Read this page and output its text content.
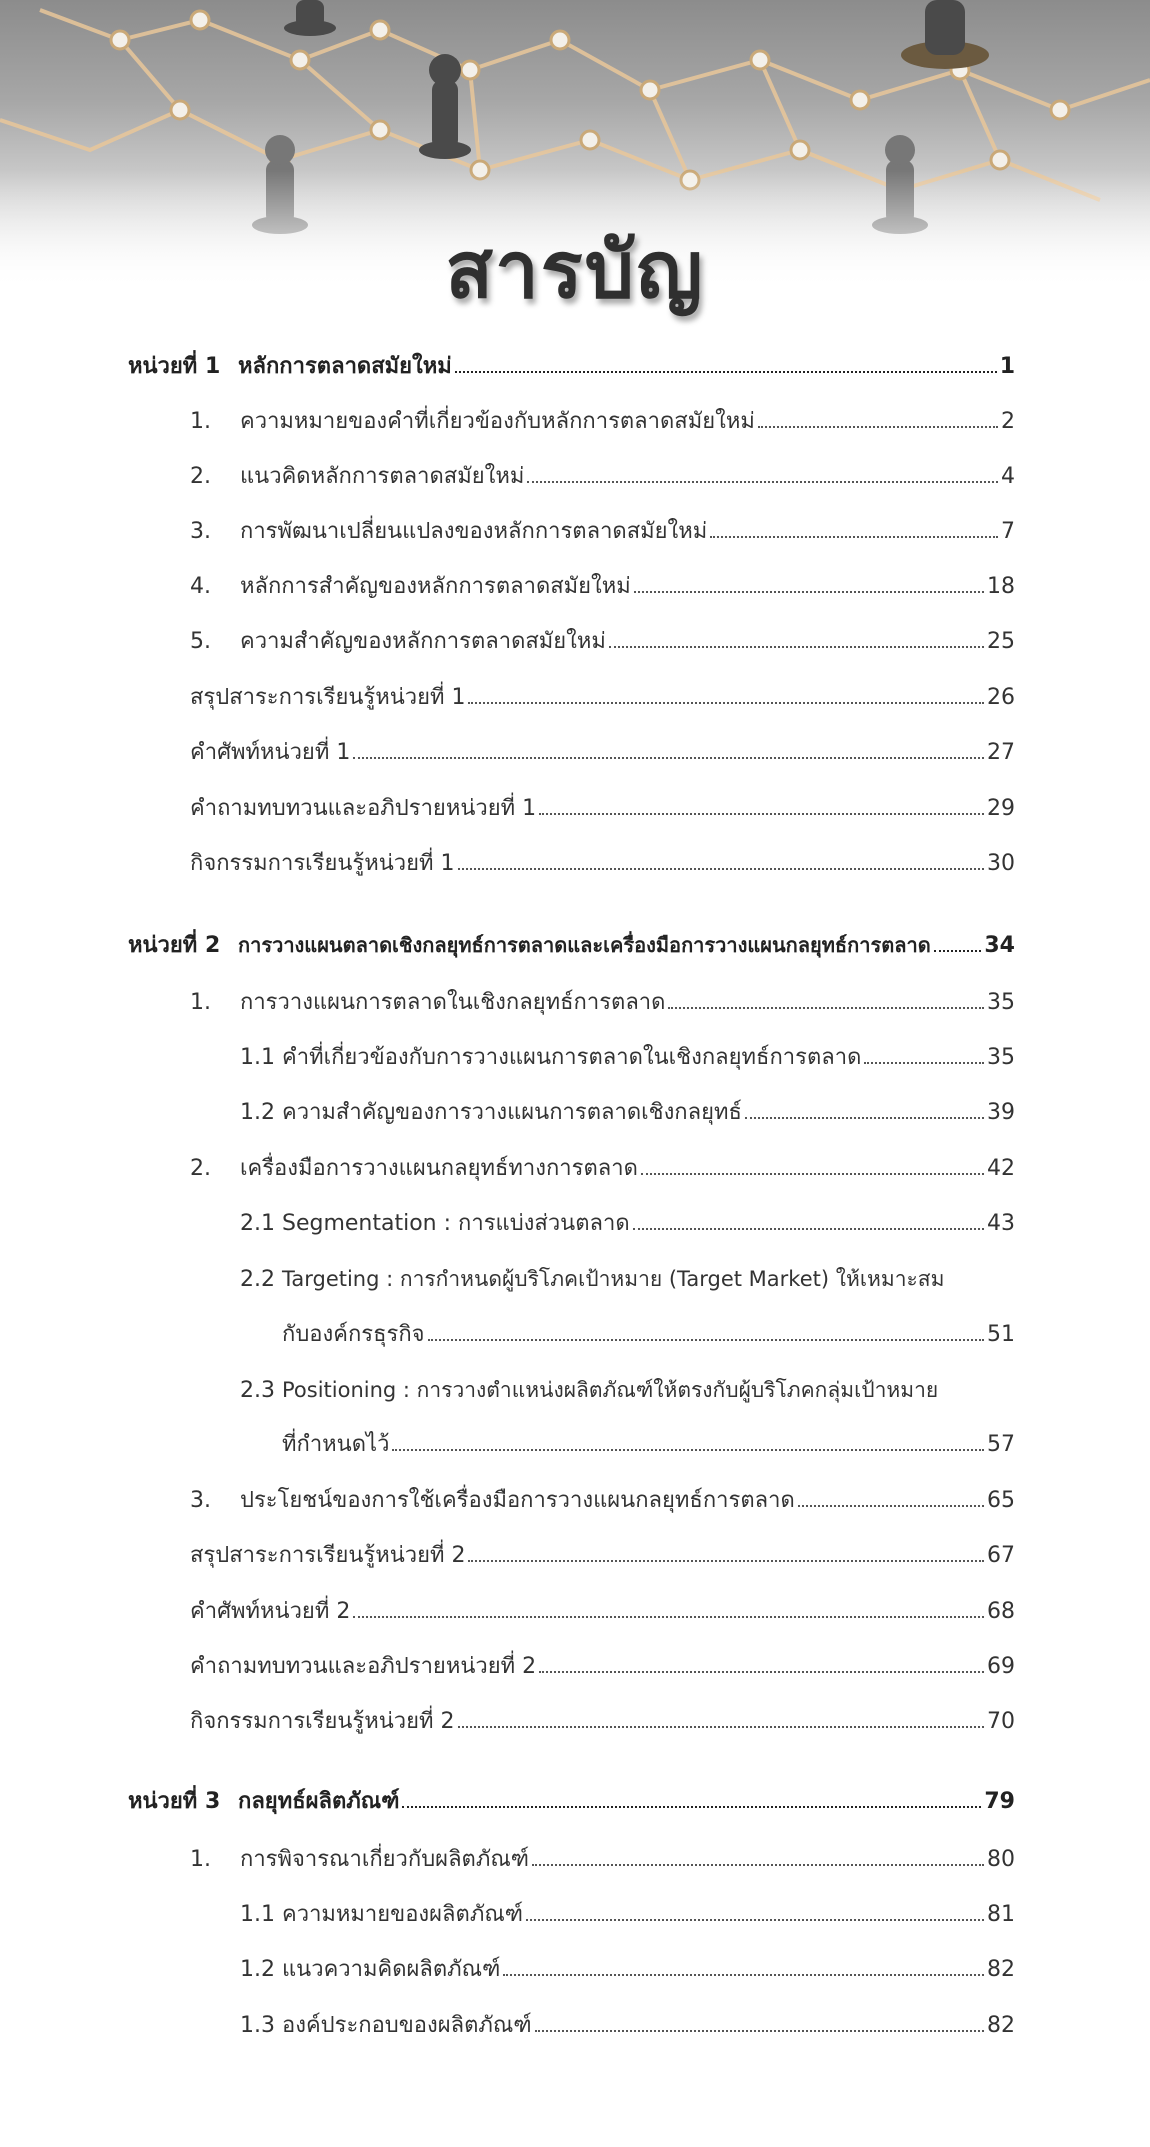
สารบัญ
หน่วยที่ 1 หลักการตลาดสมัยใหม่	1
1.	ความหมายของคำที่เกี่ยวข้องกับหลักการตลาดสมัยใหม่	2
2.	แนวคิดหลักการตลาดสมัยใหม่	4
3.	การพัฒนาเปลี่ยนแปลงของหลักการตลาดสมัยใหม่	7
4.	หลักการสำคัญของหลักการตลาดสมัยใหม่	18
5.	ความสำคัญของหลักการตลาดสมัยใหม่	25
สรุปสาระการเรียนรู้หน่วยที่ 1	26
คำศัพท์หน่วยที่ 1	27
คำถามทบทวนและอภิปรายหน่วยที่ 1	29
กิจกรรมการเรียนรู้หน่วยที่ 1	30
หน่วยที่ 2 การวางแผนตลาดเชิงกลยุทธ์การตลาดและเครื่องมือการวางแผนกลยุทธ์การตลาด 34
1.	การวางแผนการตลาดในเชิงกลยุทธ์การตลาด	35
1.1 คำที่เกี่ยวข้องกับการวางแผนการตลาดในเชิงกลยุทธ์การตลาด	35
1.2 ความสำคัญของการวางแผนการตลาดเชิงกลยุทธ์	39
2.	เครื่องมือการวางแผนกลยุทธ์ทางการตลาด	42
2.1 Segmentation : การแบ่งส่วนตลาด	43
2.2 Targeting : การกำหนดผู้บริโภคเป้าหมาย (Target Market) ให้เหมาะสม
กับองค์กรธุรกิจ	51
2.3 Positioning : การวางตำแหน่งผลิตภัณฑ์ให้ตรงกับผู้บริโภคกลุ่มเป้าหมาย
ที่กำหนดไว้	57
3.	ประโยชน์ของการใช้เครื่องมือการวางแผนกลยุทธ์การตลาด	65
สรุปสาระการเรียนรู้หน่วยที่ 2	67
คำศัพท์หน่วยที่ 2	68
คำถามทบทวนและอภิปรายหน่วยที่ 2	69
กิจกรรมการเรียนรู้หน่วยที่ 2	70
หน่วยที่ 3 กลยุทธ์ผลิตภัณฑ์	79
1.	การพิจารณาเกี่ยวกับผลิตภัณฑ์	80
1.1 ความหมายของผลิตภัณฑ์	81
1.2 แนวความคิดผลิตภัณฑ์	82
1.3 องค์ประกอบของผลิตภัณฑ์	82
